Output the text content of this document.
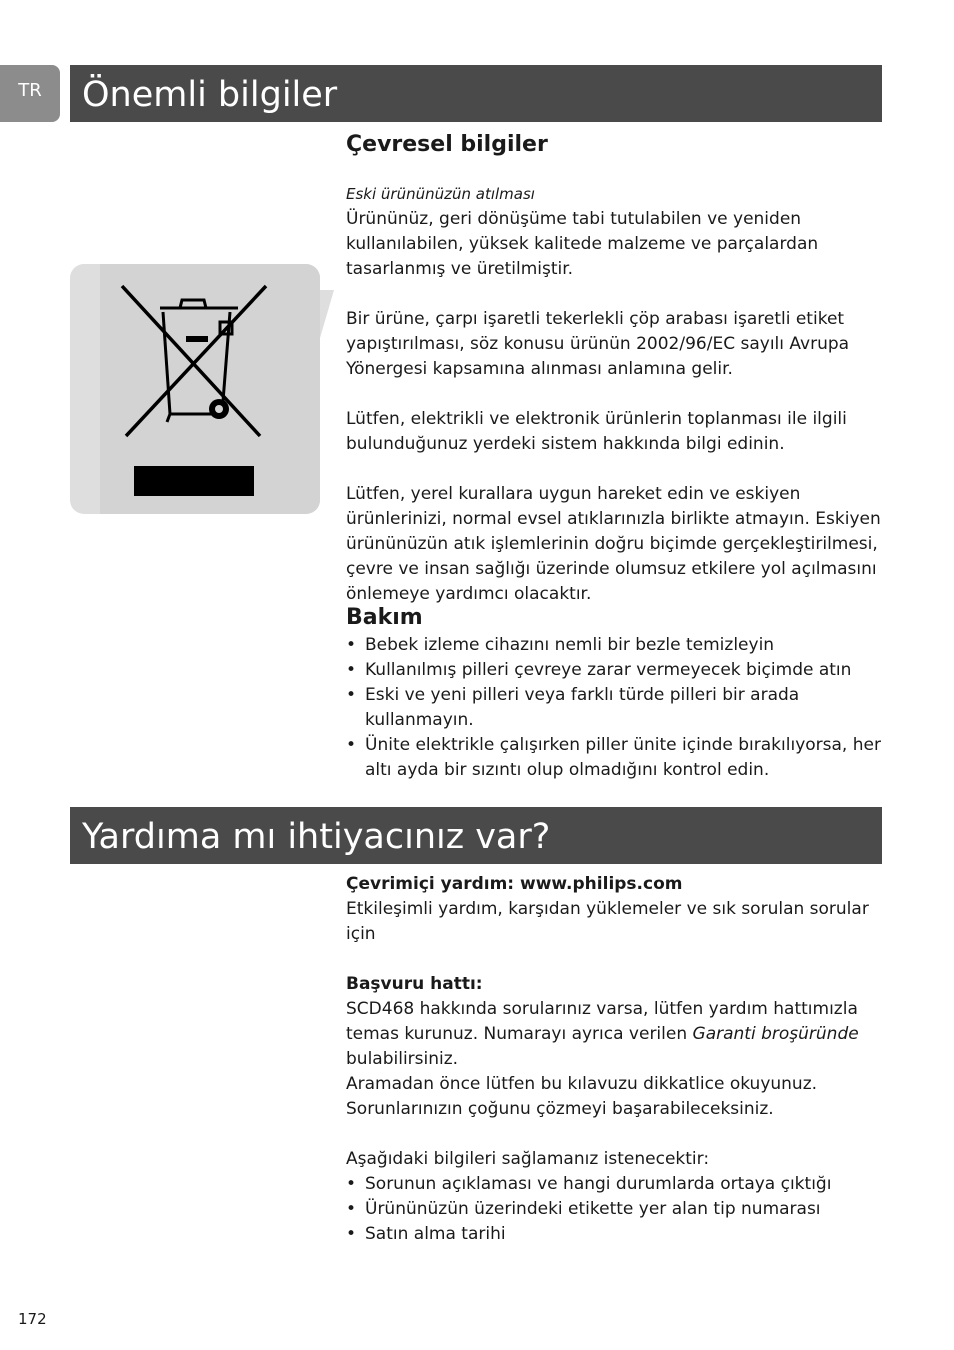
TR	Önemli bilgiler
Çevresel bilgiler

Eski ürününüzün atılması

Ürününüz, geri dönüşüme tabi tutulabilen ve yeniden kullanılabilen, yüksek kalitede malzeme ve parçalardan tasarlanmış ve üretilmiştir.

Bir ürüne, çarpı işaretli tekerlekli çöp arabası işaretli etiket yapıştırılması, söz konusu ürünün 2002/96/EC sayılı Avrupa Yönergesi kapsamına alınması anlamına gelir.

Lütfen, elektrikli ve elektronik ürünlerin toplanması ile ilgili bulunduğunuz yerdeki sistem hakkında bilgi edinin.

Lütfen, yerel kurallara uygun hareket edin ve eskiyen ürünlerinizi, normal evsel atıklarınızla birlikte atmayın. Eskiyen ürününüzün atık işlemlerinin doğru biçimde gerçekleştirilmesi, çevre ve insan sağlığı üzerinde olumsuz etkilere yol açılmasını önlemeye yardımcı olacaktır.

Bakım
• Bebek izleme cihazını nemli bir bezle temizleyin
• Kullanılmış pilleri çevreye zarar vermeyecek biçimde atın
• Eski ve yeni pilleri veya farklı türde pilleri bir arada kullanmayın.
• Ünite elektrikle çalışırken piller ünite içinde bırakılıyorsa, her altı ayda bir sızıntı olup olmadığını kontrol edin.
Yardıma mı ihtiyacınız var?

Çevrimiçi yardım: www.philips.com

Etkileşimli yardım, karşıdan yüklemeler ve sık sorulan sorular için

Başvuru hattı:

SCD468 hakkında sorularınız varsa, lütfen yardım hattımızla temas kurunuz. Numarayı ayrıca verilen Garanti broşüründe bulabilirsiniz.

Aramadan önce lütfen bu kılavuzu dikkatlice okuyunuz. Sorunlarınızın çoğunu çözmeyi başarabileceksiniz.

Aşağıdaki bilgileri sağlamanız istenecektir:

• Sorunun açıklaması ve hangi durumlarda ortaya çıktığı
• Ürününüzün üzerindeki etikette yer alan tip numarası
• Satın alma tarihi
172
